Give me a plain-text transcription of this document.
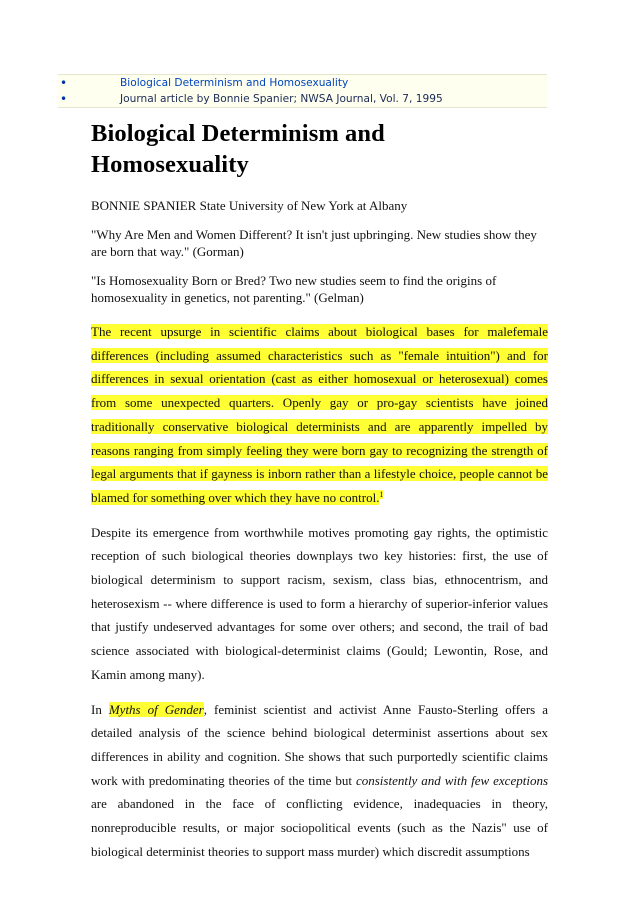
•	Biological Determinism and Homosexuality
•	Journal article by Bonnie Spanier; NWSA Journal, Vol. 7, 1995
Biological Determinism and Homosexuality

BONNIE SPANIER State University of New York at Albany

"Why Are Men and Women Different? It isn't just upbringing. New studies show they are born that way." (Gorman)

"Is Homosexuality Born or Bred? Two new studies seem to find the origins of homosexuality in genetics, not parenting." (Gelman)

The recent upsurge in scientific claims about biological bases for malefemale differences (including assumed characteristics such as "female intuition") and for differences in sexual orientation (cast as either homosexual or heterosexual) comes from some unexpected quarters. Openly gay or pro-gay scientists have joined traditionally conservative biological determinists and are apparently impelled by reasons ranging from simply feeling they were born gay to recognizing the strength of legal arguments that if gayness is inborn rather than a lifestyle choice, people cannot be blamed for something over which they have no control.$^1$

Despite its emergence from worthwhile motives promoting gay rights, the optimistic reception of such biological theories downplays two key histories: first, the use of biological determinism to support racism, sexism, class bias, ethnocentrism, and heterosexism -- where difference is used to form a hierarchy of superior-inferior values that justify undeserved advantages for some over others; and second, the trail of bad science associated with biological-determinist claims (Gould; Lewontin, Rose, and Kamin among many).

In Myths of Gender, feminist scientist and activist Anne Fausto-Sterling offers a detailed analysis of the science behind biological determinist assertions about sex differences in ability and cognition. She shows that such purportedly scientific claims work with predominating theories of the time but consistently and with few exceptions are abandoned in the face of conflicting evidence, inadequacies in theory, nonreproducible results, or major sociopolitical events (such as the Nazis" use of biological determinist theories to support mass murder) which discredit assumptions
